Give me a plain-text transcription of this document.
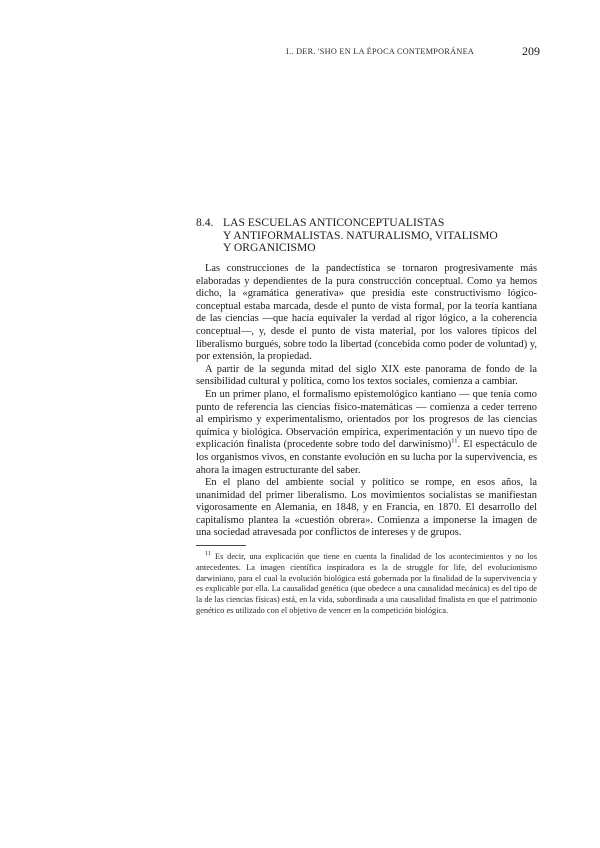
I.. DER. 'SHO EN LA ÉPOCA CONTEMPORÁNEA	209
8.4. LAS ESCUELAS ANTICONCEPTUALISTAS
Y ANTIFORMALISTAS. NATURALISMO, VITALISMO
Y ORGANICISMO

Las construcciones de la pandectística se tornaron progresivamente más elaboradas y dependientes de la pura construcción conceptual. Como ya hemos dicho, la «gramática generativa» que presidía este constructivismo lógico-conceptual estaba marcada, desde el punto de vista formal, por la teoría kantiana de las ciencias —que hacía equivaler la verdad al rigor lógico, a la coherencia conceptual—, y, desde el punto de vista material, por los valores típicos del liberalismo burgués, sobre todo la libertad (concebida como poder de voluntad) y, por extensión, la propiedad.

A partir de la segunda mitad del siglo XIX este panorama de fondo de la sensibilidad cultural y política, como los textos sociales, comienza a cambiar.

En un primer plano, el formalismo epistemológico kantiano — que tenía como punto de referencia las ciencias físico-matemáticas — comienza a ceder terreno al empirismo y experimentalismo, orientados por los progresos de las ciencias química y biológica. Observación empírica, experimentación y un nuevo tipo de explicación finalista (procedente sobre todo del darwinismo)$^{11}$. El espectáculo de los organismos vivos, en constante evolución en su lucha por la supervivencia, es ahora la imagen estructurante del saber.

En el plano del ambiente social y político se rompe, en esos años, la unanimidad del primer liberalismo. Los movimientos socialistas se manifiestan vigorosamente en Alemania, en 1848, y en Francia, en 1870. El desarrollo del capitalismo plantea la «cuestión obrera». Comienza a imponerse la imagen de una sociedad atravesada por conflictos de intereses y de grupos.

$^{11}$ Es decir, una explicación que tiene en cuenta la finalidad de los acontecimientos y no los antecedentes. La imagen científica inspiradora es la de struggle for life, del evolucionismo darwiniano, para el cual la evolución biológica está gobernada por la finalidad de la supervivencia y es explicable por ella. La causalidad genética (que obedece a una causalidad mecánica) es del tipo de la de las ciencias físicas) está, en la vida, subordinada a una causalidad finalista en que el patrimonio genético es utilizado con el objetivo de vencer en la competición biológica.
